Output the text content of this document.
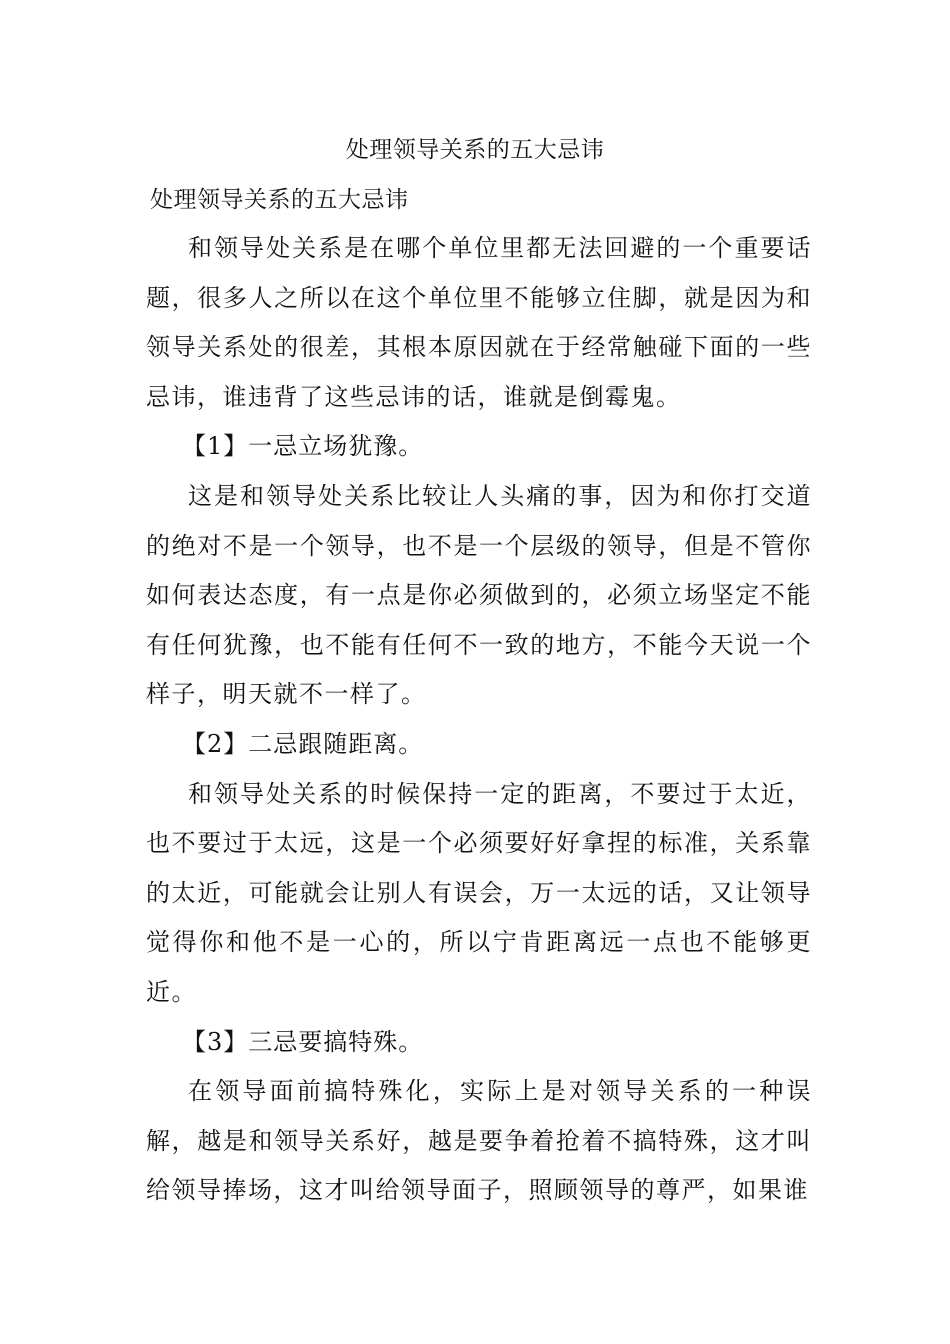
处理领导关系的五大忌讳
处理领导关系的五大忌讳

和领导处关系是在哪个单位里都无法回避的一个重要话题，很多人之所以在这个单位里不能够立住脚，就是因为和领导关系处的很差，其根本原因就在于经常触碰下面的一些忌讳，谁违背了这些忌讳的话，谁就是倒霉鬼。

【1】一忌立场犹豫。

这是和领导处关系比较让人头痛的事，因为和你打交道的绝对不是一个领导，也不是一个层级的领导，但是不管你如何表达态度，有一点是你必须做到的，必须立场坚定不能有任何犹豫，也不能有任何不一致的地方，不能今天说一个样子，明天就不一样了。

【2】二忌跟随距离。

和领导处关系的时候保持一定的距离，不要过于太近，也不要过于太远，这是一个必须要好好拿捏的标准，关系靠的太近，可能就会让别人有误会，万一太远的话，又让领导觉得你和他不是一心的，所以宁肯距离远一点也不能够更近。

【3】三忌要搞特殊。

在领导面前搞特殊化，实际上是对领导关系的一种误解，越是和领导关系好，越是要争着抢着不搞特殊，这才叫给领导捧场，这才叫给领导面子，照顾领导的尊严，如果谁
